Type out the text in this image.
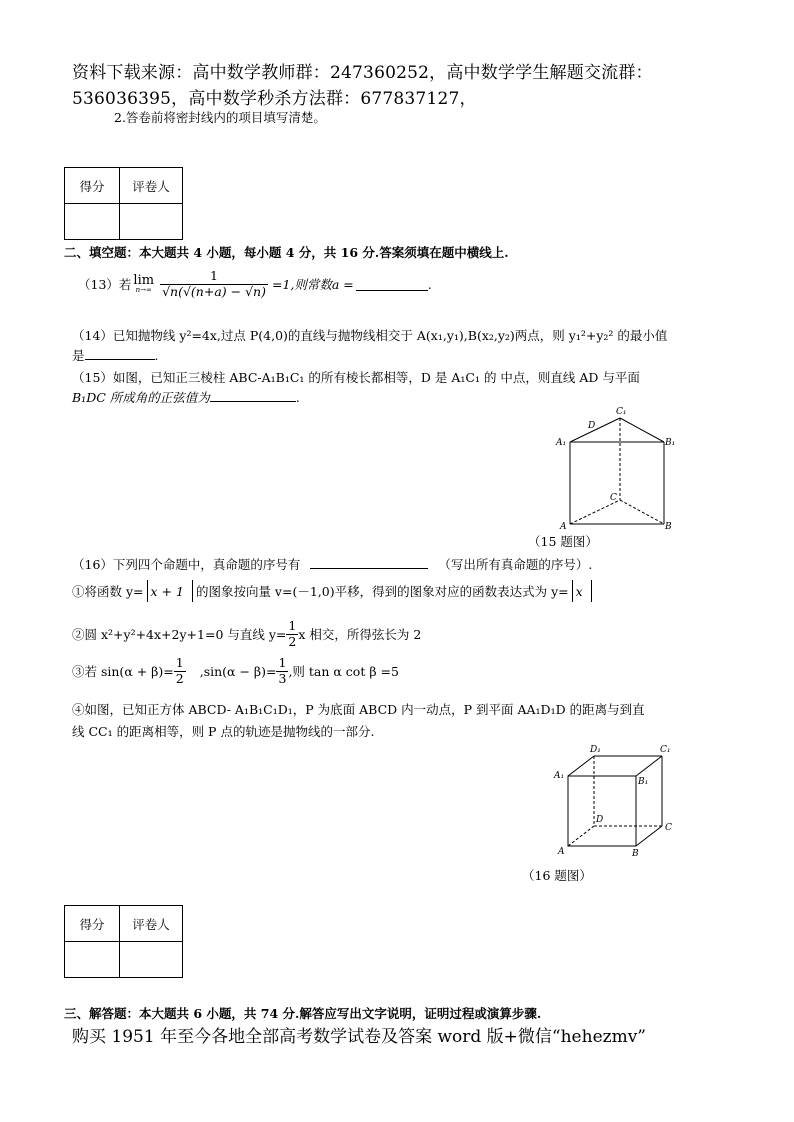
资料下载来源：高中数学教师群：247360252，高中数学学生解题交流群：
536036395，高中数学秒杀方法群：677837127，
2.答卷前将密封线内的项目填写清楚。
得分	评卷人

二、填空题：本大题共 4 小题，每小题 4 分，共 16 分.答案须填在题中横线上.
（13）若 lim
$n\to\infty \frac{1}{√n(√(n+a) - √n)} =1$,则常数a =	.
（14）已知抛物线 y²=4x,过点 P(4,0)的直线与抛物线相交于 A(x₁,y₁),B(x₂,y₂)两点，则 y₁²+y₂² 的最小值
是	.
（15）如图，已知正三棱柱 ABC-A₁B₁C₁ 的所有棱长都相等，D 是 A₁C₁ 的 中点，则直线 AD 与平面
B₁DC 所成角的正弦值为	.
C₁
D
A₁	B₁
C
A	B
（15 题图）
（16）下列四个命题中，真命题的序号有	（写出所有真命题的序号）.
①将函数 y= x + 1 的图象按向量 v=(－1,0)平移，得到的图象对应的函数表达式为 y= x
②圆 x²+y²+4x+2y+1=0 与直线 $y= \frac{1}{2}$ x 相交，所得弦长为 2
③若 $\sin(\alpha + \beta)= \frac{1}{2} ,\sin(\alpha - \beta)= \frac{1}{3}$ ,则 tan α cot β =5
④如图，已知正方体 ABCD- A₁B₁C₁D₁，P 为底面 ABCD 内一动点，P 到平面 AA₁D₁D 的距离与到直
线 CC₁ 的距离相等，则 P 点的轨迹是抛物线的一部分.
D₁	C₁
A₁
B₁
D
C
A	B
（16 题图）
得分	评卷人

三、解答题：本大题共 6 小题，共 74 分.解答应写出文字说明，证明过程或演算步骤.
购买 1951 年至今各地全部高考数学试卷及答案 word 版+微信“hehezmv”
